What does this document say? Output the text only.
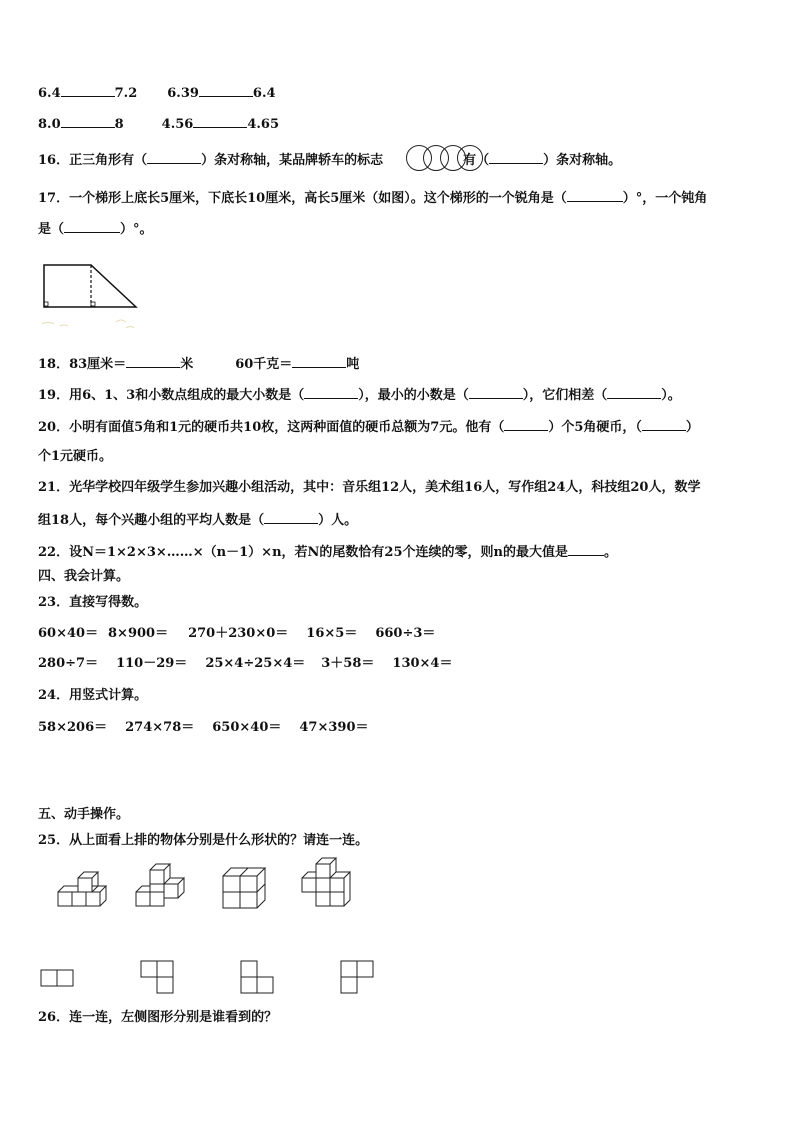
6.4	7.2 6.39	6.4
8.0	8	4.56	4.65
16．正三角形有（	）条对称轴，某品牌轿车的标志	有（	）条对称轴。
17．一个梯形上底长5厘米，下底长10厘米，高长5厘米（如图）。这个梯形的一个锐角是（	）°，一个钝角
是（	）°。
18．83厘米＝	米	60千克＝	吨
19．用6、1、3和小数点组成的最大小数是（	），最小的小数是（	），它们相差（	）。
20．小明有面值5角和1元的硬币共10枚，这两种面值的硬币总额为7元。他有（	）个5角硬币，（	）
个1元硬币。
21．光华学校四年级学生参加兴趣小组活动，其中：音乐组12人，美术组16人，写作组24人，科技组20人，数学
组18人，每个兴趣小组的平均人数是（	）人。
22．设N＝1×2×3×……×（n－1）×n，若N的尾数恰有25个连续的零，则n的最大值是	。
四、我会计算。
23．直接写得数。
60×40＝ 8×900＝ 270＋230×0＝ 16×5＝ 660÷3＝
280÷7＝ 110－29＝ 25×4÷25×4＝ 3＋58＝ 130×4＝
24．用竖式计算。
58×206＝ 274×78＝ 650×40＝ 47×390＝
五、动手操作。
25．从上面看上排的物体分别是什么形状的？请连一连。
26．连一连，左侧图形分别是谁看到的？
